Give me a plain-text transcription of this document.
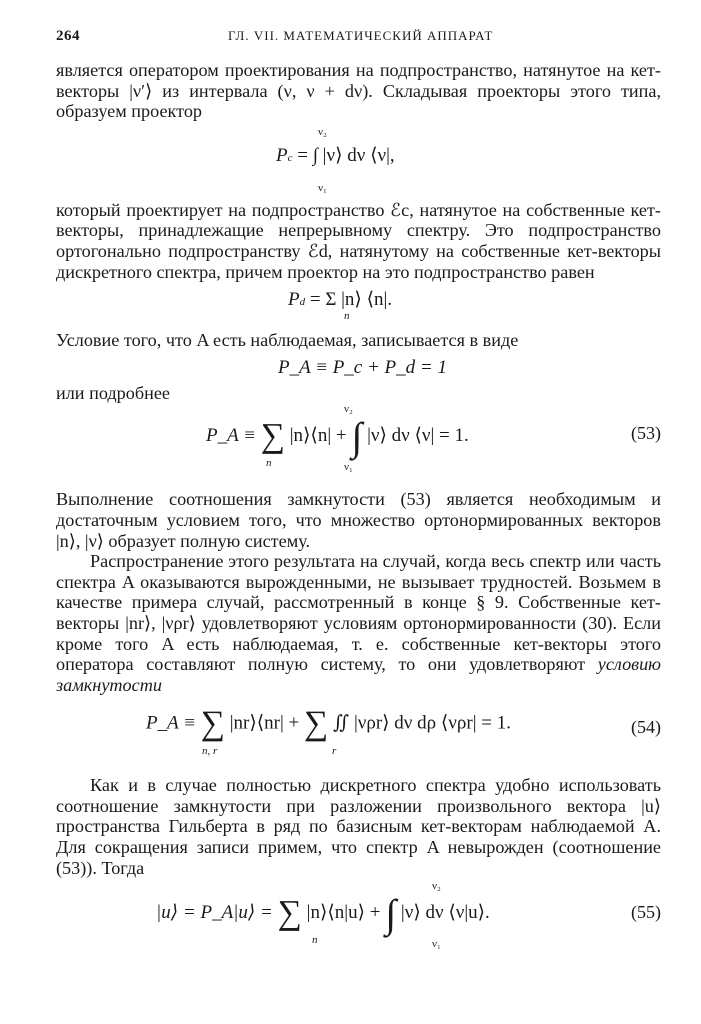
264	ГЛ. VII. МАТЕМАТИЧЕСКИЙ АППАРАТ

является оператором проектирования на подпространство, натянутое на кет-векторы |ν′⟩ из интервала (ν, ν + dν). Складывая проекторы этого типа, образуем проектор

ν₂
Pc = ∫ |ν⟩ dν ⟨ν|,
ν₁

который проектирует на подпространство ℰc, натянутое на собственные кет-векторы, принадлежащие непрерывному спектру. Это подпространство ортогонально подпространству ℰd, натянутому на собственные кет-векторы дискретного спектра, причем проектор на это подпространство равен

Pd = Σ |n⟩ ⟨n|.
n

Условие того, что A есть наблюдаемая, записывается в виде

P_A ≡ P_c + P_d = 1

или подробнее

ν₂
P_A ≡ ∑ |n⟩⟨n| + ∫ |ν⟩ dν ⟨ν| = 1.
n	ν₁
(53)

Выполнение соотношения замкнутости (53) является необходимым и достаточным условием того, что множество ортонормированных векторов |n⟩, |ν⟩ образует полную систему.

Распространение этого результата на случай, когда весь спектр или часть спектра A оказываются вырожденными, не вызывает трудностей. Возьмем в качестве примера случай, рассмотренный в конце § 9. Собственные кет-векторы |nr⟩, |νρr⟩ удовлетворяют условиям ортонормированности (30). Если кроме того A есть наблюдаемая, т. е. собственные кет-векторы этого оператора составляют полную систему, то они удовлетворяют условию замкнутости

P_A ≡ ∑ |nr⟩⟨nr| + ∑ ∬ |νρr⟩ dν dρ ⟨νρr| = 1.
n, r	r
(54)

Как и в случае полностью дискретного спектра удобно использовать соотношение замкнутости при разложении произвольного вектора |u⟩ пространства Гильберта в ряд по базисным кет-векторам наблюдаемой A. Для сокращения записи примем, что спектр A невырожден (соотношение (53)). Тогда

ν₂
|u⟩ = P_A|u⟩ = ∑ |n⟩⟨n|u⟩ + ∫ |ν⟩ dν ⟨ν|u⟩.
n	ν₁
(55)
